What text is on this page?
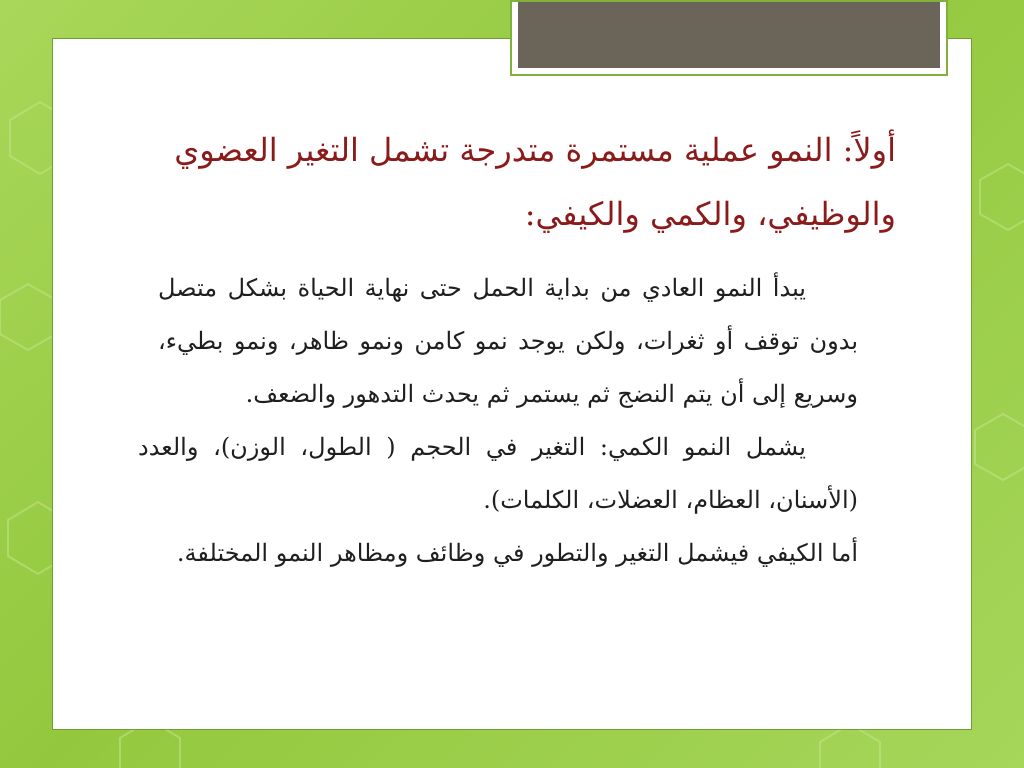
أولاً: النمو عملية مستمرة متدرجة تشمل التغير العضوي والوظيفي، والكمي والكيفي:

يبدأ النمو العادي من بداية الحمل حتى نهاية الحياة بشكل متصل بدون توقف أو ثغرات، ولكن يوجد نمو كامن ونمو ظاهر، ونمو بطيء، وسريع إلى أن يتم النضج ثم يستمر ثم يحدث التدهور والضعف.

يشمل النمو الكمي: التغير في الحجم ( الطول، الوزن)، والعدد (الأسنان، العظام، العضلات، الكلمات).

أما الكيفي فيشمل التغير والتطور في وظائف ومظاهر النمو المختلفة.
